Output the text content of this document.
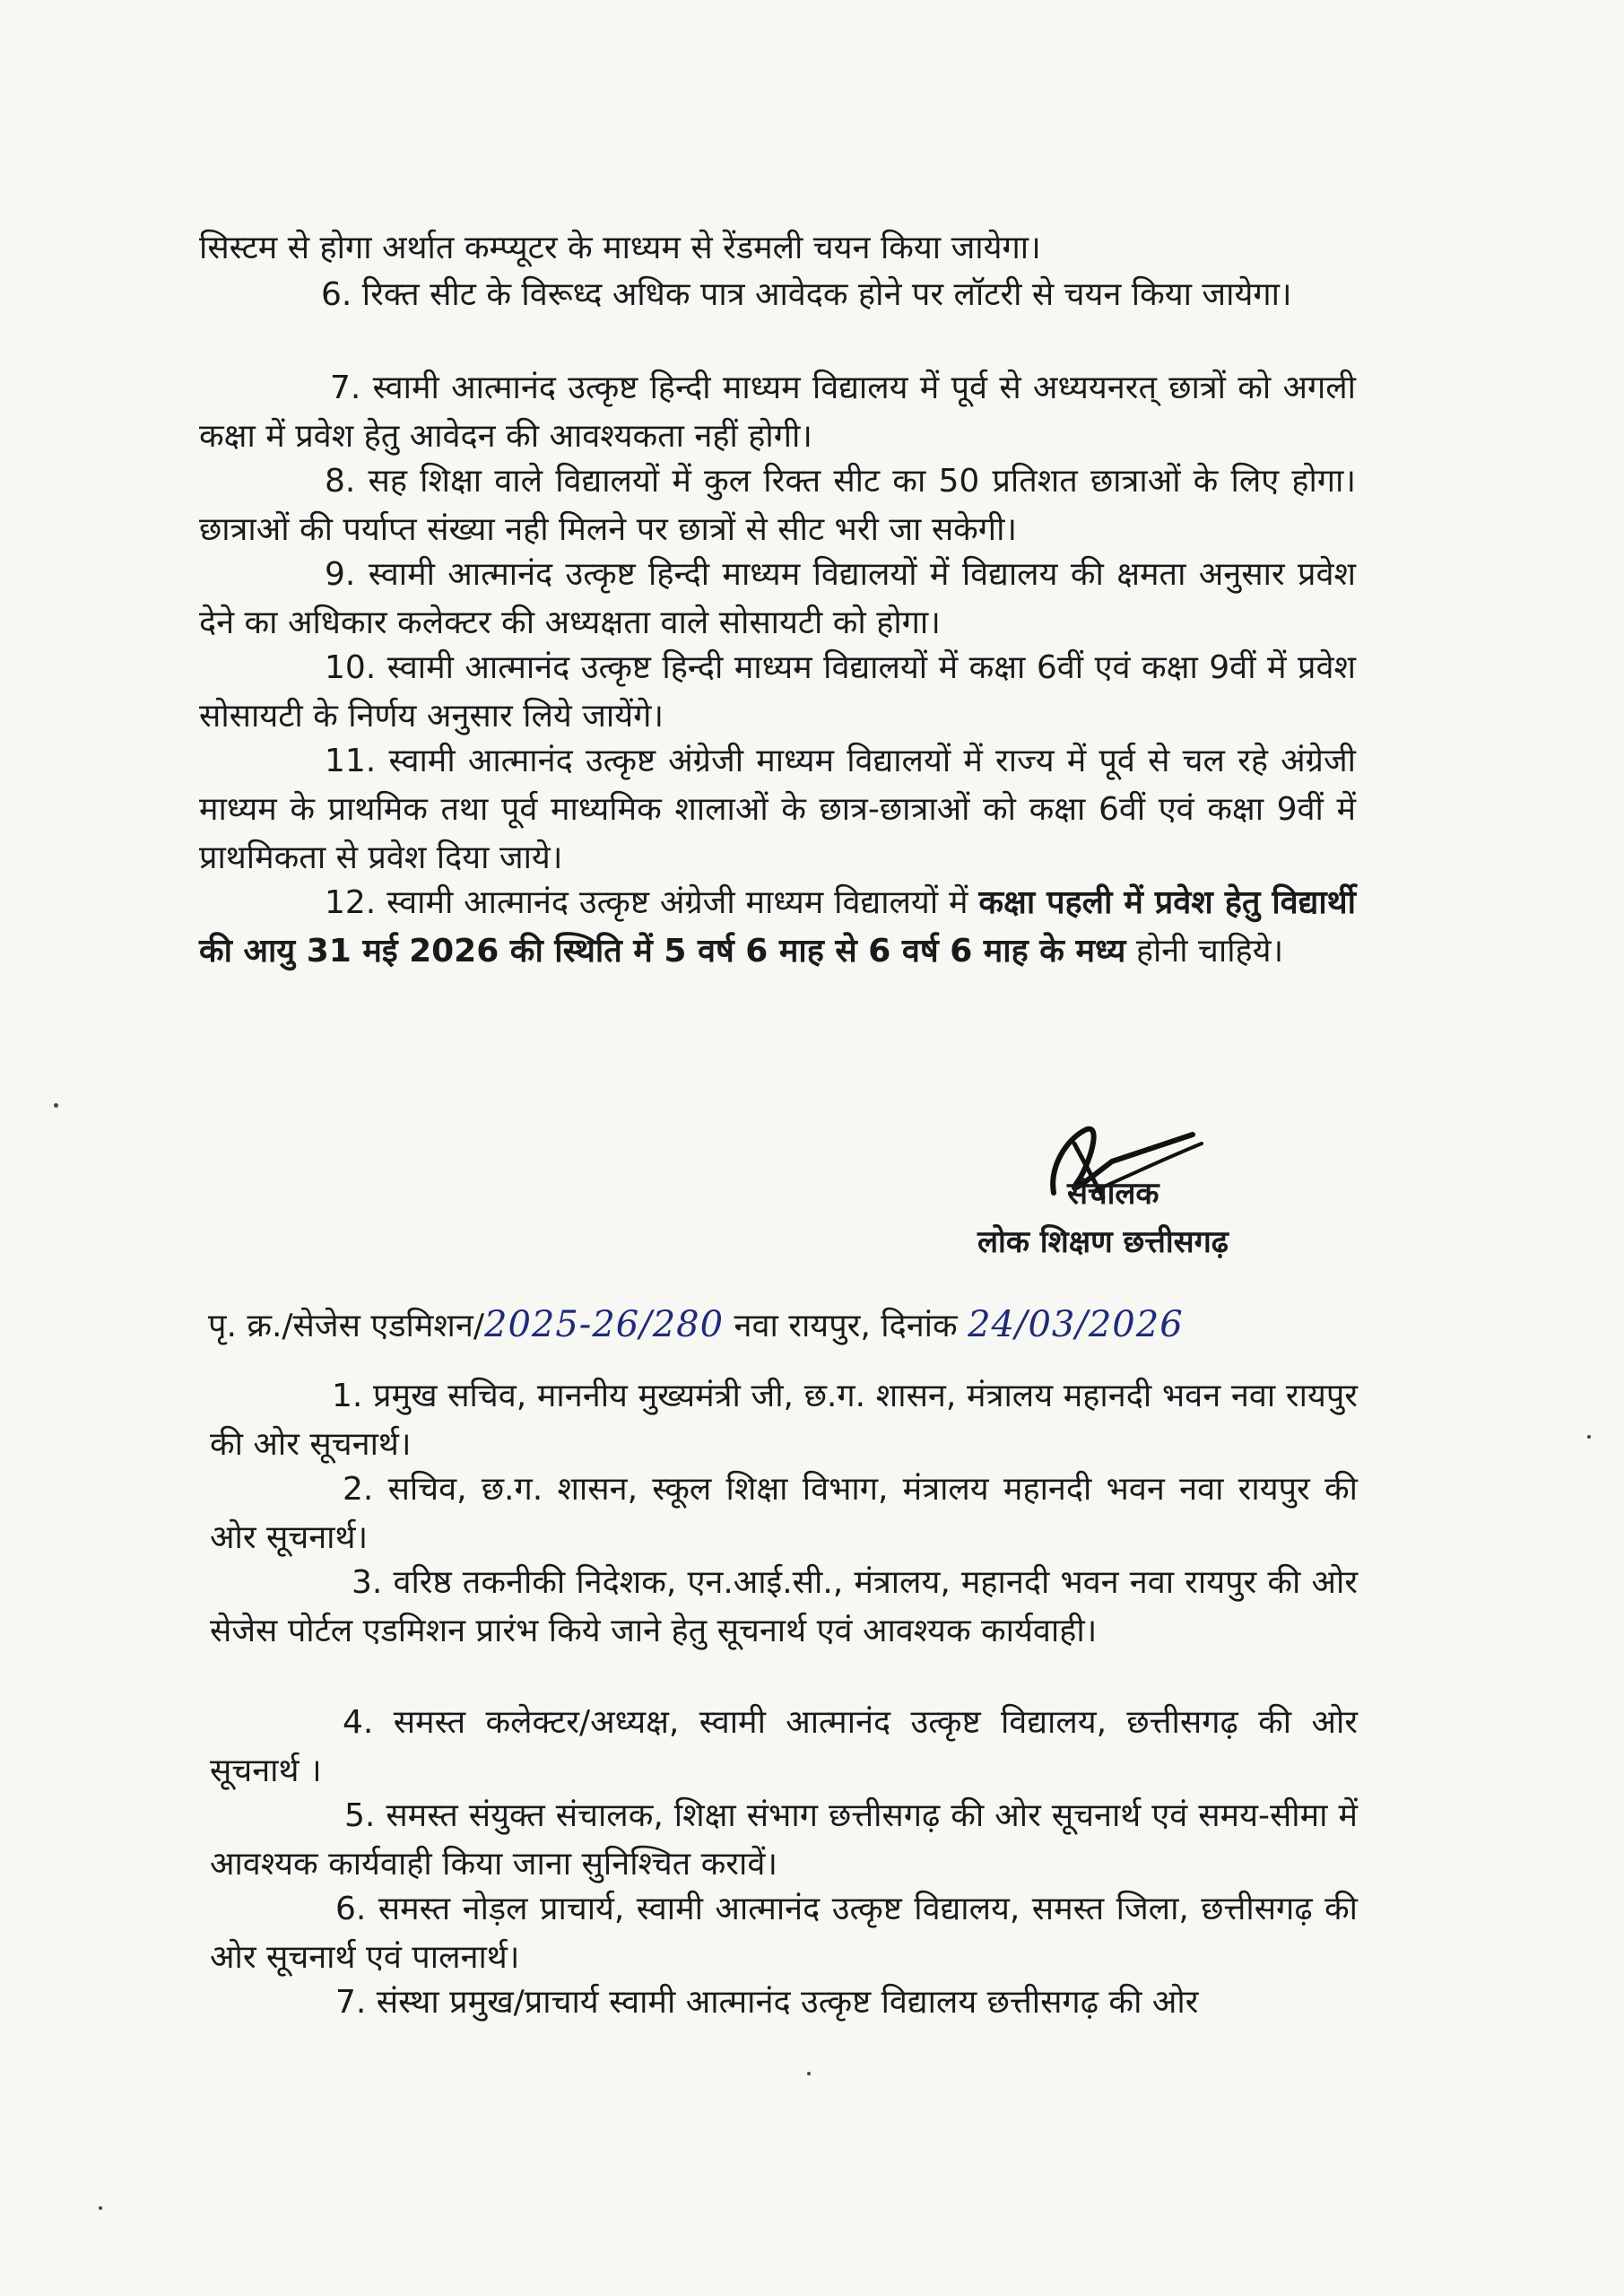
सिस्टम से होगा अर्थात कम्प्यूटर के माध्यम से रेंडमली चयन किया जायेगा।

6. रिक्त सीट के विरूध्द अधिक पात्र आवेदक होने पर लॉटरी से चयन किया जायेगा।

7. स्वामी आत्मानंद उत्कृष्ट हिन्दी माध्यम विद्यालय में पूर्व से अध्ययनरत् छात्रों को अगली कक्षा में प्रवेश हेतु आवेदन की आवश्यकता नहीं होगी।

8. सह शिक्षा वाले विद्यालयों में कुल रिक्त सीट का 50 प्रतिशत छात्राओं के लिए होगा। छात्राओं की पर्याप्त संख्या नही मिलने पर छात्रों से सीट भरी जा सकेगी।

9. स्वामी आत्मानंद उत्कृष्ट हिन्दी माध्यम विद्यालयों में विद्यालय की क्षमता अनुसार प्रवेश देने का अधिकार कलेक्टर की अध्यक्षता वाले सोसायटी को होगा।

10. स्वामी आत्मानंद उत्कृष्ट हिन्दी माध्यम विद्यालयों में कक्षा 6वीं एवं कक्षा 9वीं में प्रवेश सोसायटी के निर्णय अनुसार लिये जायेंगे।

11. स्वामी आत्मानंद उत्कृष्ट अंग्रेजी माध्यम विद्यालयों में राज्य में पूर्व से चल रहे अंग्रेजी माध्यम के प्राथमिक तथा पूर्व माध्यमिक शालाओं के छात्र-छात्राओं को कक्षा 6वीं एवं कक्षा 9वीं में प्राथमिकता से प्रवेश दिया जाये।

12. स्वामी आत्मानंद उत्कृष्ट अंग्रेजी माध्यम विद्यालयों में कक्षा पहली में प्रवेश हेतु विद्यार्थी की आयु 31 मई 2026 की स्थिति में 5 वर्ष 6 माह से 6 वर्ष 6 माह के मध्य होनी चाहिये।

संचालक

लोक शिक्षण छत्तीसगढ़

पृ. क्र./सेजेस एडमिशन/2025-26/280 नवा रायपुर, दिनांक 24/03/2026

1. प्रमुख सचिव, माननीय मुख्यमंत्री जी, छ.ग. शासन, मंत्रालय महानदी भवन नवा रायपुर की ओर सूचनार्थ।

2. सचिव, छ.ग. शासन, स्कूल शिक्षा विभाग, मंत्रालय महानदी भवन नवा रायपुर की ओर सूचनार्थ।

3. वरिष्ठ तकनीकी निदेशक, एन.आई.सी., मंत्रालय, महानदी भवन नवा रायपुर की ओर सेजेस पोर्टल एडमिशन प्रारंभ किये जाने हेतु सूचनार्थ एवं आवश्यक कार्यवाही।

4. समस्त कलेक्टर/अध्यक्ष, स्वामी आत्मानंद उत्कृष्ट विद्यालय, छत्तीसगढ़ की ओर सूचनार्थ ।

5. समस्त संयुक्त संचालक, शिक्षा संभाग छत्तीसगढ़ की ओर सूचनार्थ एवं समय-सीमा में आवश्यक कार्यवाही किया जाना सुनिश्चित करावें।

6. समस्त नोड़ल प्राचार्य, स्वामी आत्मानंद उत्कृष्ट विद्यालय, समस्त जिला, छत्तीसगढ़ की ओर सूचनार्थ एवं पालनार्थ।

7. संस्था प्रमुख/प्राचार्य स्वामी आत्मानंद उत्कृष्ट विद्यालय छत्तीसगढ़ की ओर
